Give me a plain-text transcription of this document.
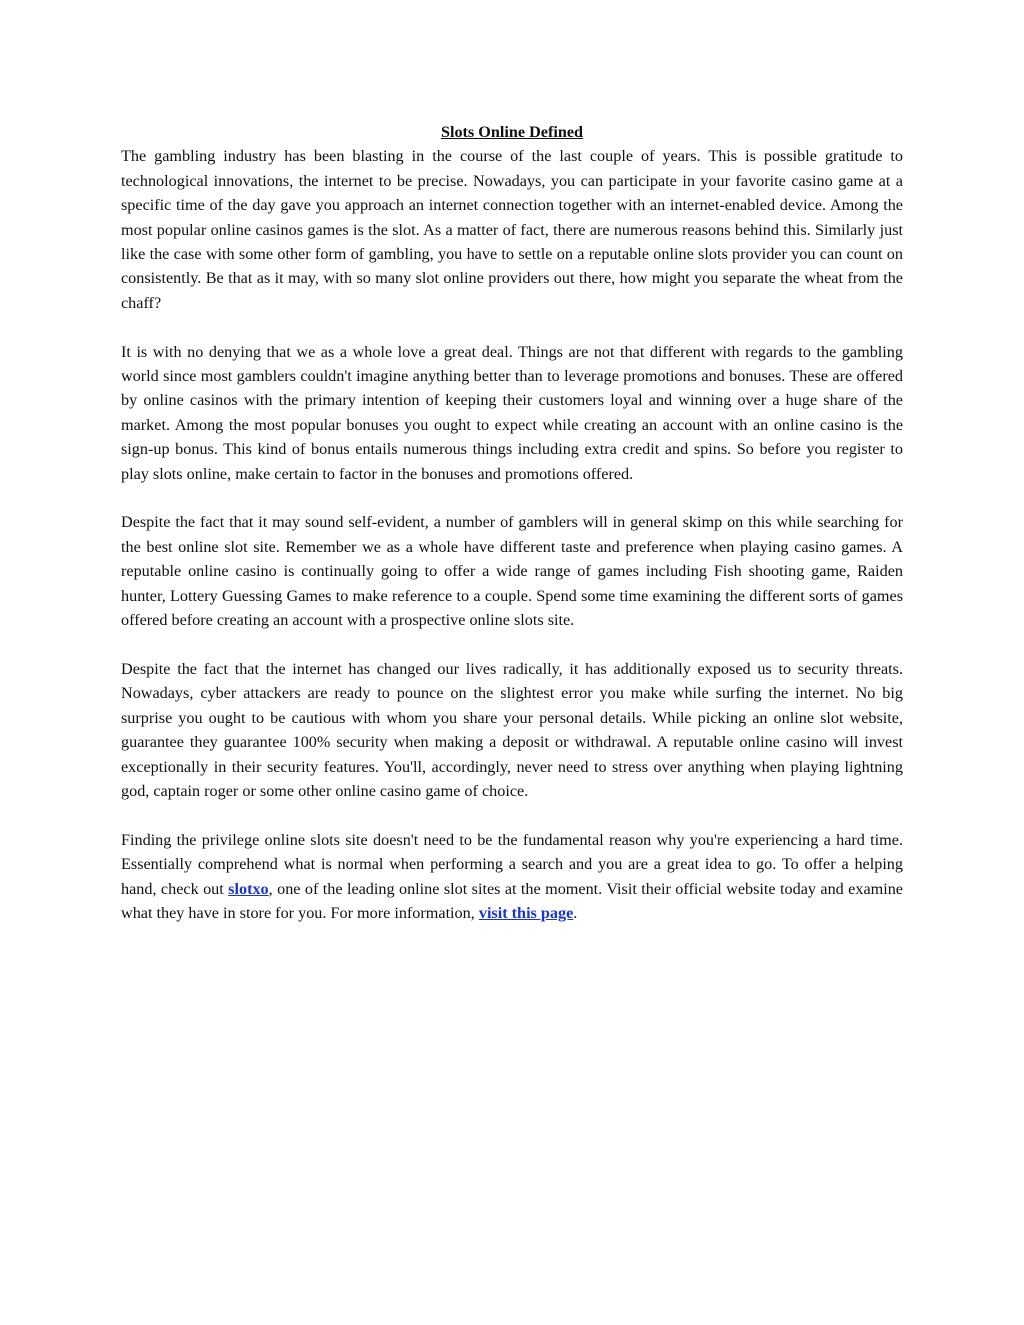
Slots Online Defined

The gambling industry has been blasting in the course of the last couple of years. This is possible gratitude to technological innovations, the internet to be precise. Nowadays, you can participate in your favorite casino game at a specific time of the day gave you approach an internet connection together with an internet-enabled device. Among the most popular online casinos games is the slot. As a matter of fact, there are numerous reasons behind this. Similarly just like the case with some other form of gambling, you have to settle on a reputable online slots provider you can count on consistently. Be that as it may, with so many slot online providers out there, how might you separate the wheat from the chaff?

It is with no denying that we as a whole love a great deal. Things are not that different with regards to the gambling world since most gamblers couldn't imagine anything better than to leverage promotions and bonuses. These are offered by online casinos with the primary intention of keeping their customers loyal and winning over a huge share of the market. Among the most popular bonuses you ought to expect while creating an account with an online casino is the sign-up bonus. This kind of bonus entails numerous things including extra credit and spins. So before you register to play slots online, make certain to factor in the bonuses and promotions offered.

Despite the fact that it may sound self-evident, a number of gamblers will in general skimp on this while searching for the best online slot site. Remember we as a whole have different taste and preference when playing casino games. A reputable online casino is continually going to offer a wide range of games including Fish shooting game, Raiden hunter, Lottery Guessing Games to make reference to a couple. Spend some time examining the different sorts of games offered before creating an account with a prospective online slots site.

Despite the fact that the internet has changed our lives radically, it has additionally exposed us to security threats. Nowadays, cyber attackers are ready to pounce on the slightest error you make while surfing the internet. No big surprise you ought to be cautious with whom you share your personal details. While picking an online slot website, guarantee they guarantee 100% security when making a deposit or withdrawal. A reputable online casino will invest exceptionally in their security features. You'll, accordingly, never need to stress over anything when playing lightning god, captain roger or some other online casino game of choice.

Finding the privilege online slots site doesn't need to be the fundamental reason why you're experiencing a hard time. Essentially comprehend what is normal when performing a search and you are a great idea to go. To offer a helping hand, check out slotxo, one of the leading online slot sites at the moment. Visit their official website today and examine what they have in store for you. For more information, visit this page.
